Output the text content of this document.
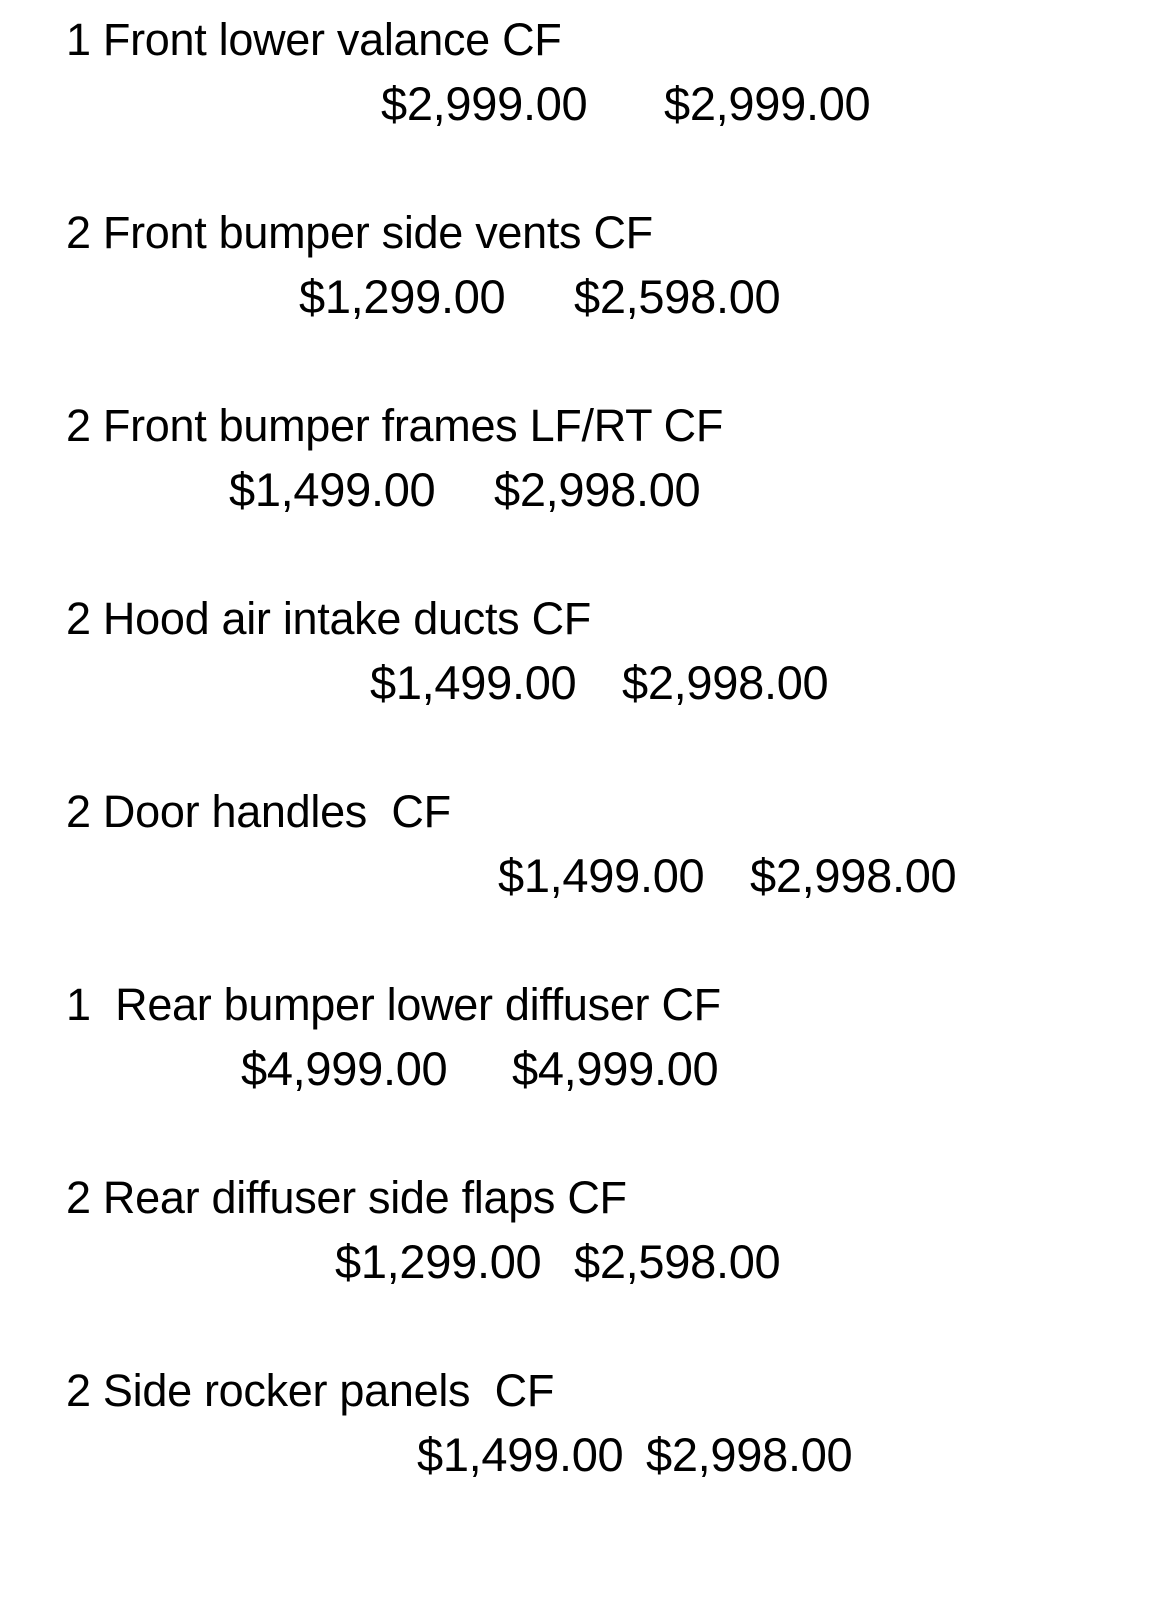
1 Front lower valance CF
$2,999.00 $2,999.00
2 Front bumper side vents CF
$1,299.00 $2,598.00
2 Front bumper frames LF/RT CF
$1,499.00 $2,998.00
2 Hood air intake ducts CF
$1,499.00 $2,998.00
2 Door handles  CF
$1,499.00 $2,998.00
1  Rear bumper lower diffuser CF
$4,999.00 $4,999.00
2 Rear diffuser side flaps CF
$1,299.00 $2,598.00
2 Side rocker panels  CF
$1,499.00 $2,998.00
